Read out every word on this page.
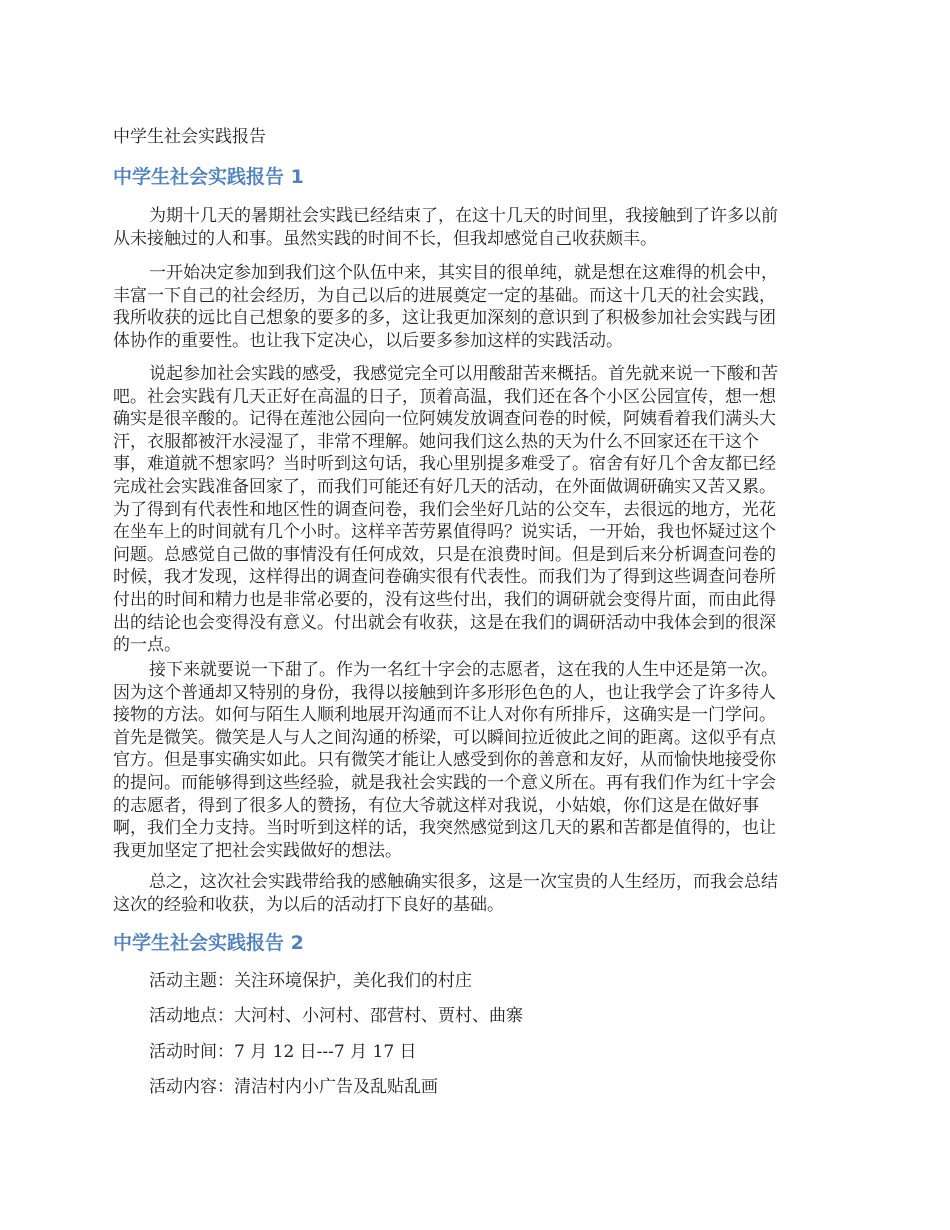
中学生社会实践报告
中学生社会实践报告 1
为期十几天的暑期社会实践已经结束了，在这十几天的时间里，我接触到了许多以前
从未接触过的人和事。虽然实践的时间不长，但我却感觉自己收获颇丰。
一开始决定参加到我们这个队伍中来，其实目的很单纯，就是想在这难得的机会中，
丰富一下自己的社会经历，为自己以后的进展奠定一定的基础。而这十几天的社会实践，
我所收获的远比自己想象的要多的多，这让我更加深刻的意识到了积极参加社会实践与团
体协作的重要性。也让我下定决心，以后要多参加这样的实践活动。
说起参加社会实践的感受，我感觉完全可以用酸甜苦来概括。首先就来说一下酸和苦
吧。社会实践有几天正好在高温的日子，顶着高温，我们还在各个小区公园宣传，想一想
确实是很辛酸的。记得在莲池公园向一位阿姨发放调查问卷的时候，阿姨看着我们满头大
汗，衣服都被汗水浸湿了，非常不理解。她问我们这么热的天为什么不回家还在干这个
事，难道就不想家吗？当时听到这句话，我心里别提多难受了。宿舍有好几个舍友都已经
完成社会实践准备回家了，而我们可能还有好几天的活动，在外面做调研确实又苦又累。
为了得到有代表性和地区性的调查问卷，我们会坐好几站的公交车，去很远的地方，光花
在坐车上的时间就有几个小时。这样辛苦劳累值得吗？说实话，一开始，我也怀疑过这个
问题。总感觉自己做的事情没有任何成效，只是在浪费时间。但是到后来分析调查问卷的
时候，我才发现，这样得出的调查问卷确实很有代表性。而我们为了得到这些调查问卷所
付出的时间和精力也是非常必要的，没有这些付出，我们的调研就会变得片面，而由此得
出的结论也会变得没有意义。付出就会有收获，这是在我们的调研活动中我体会到的很深
的一点。
接下来就要说一下甜了。作为一名红十字会的志愿者，这在我的人生中还是第一次。
因为这个普通却又特别的身份，我得以接触到许多形形色色的人，也让我学会了许多待人
接物的方法。如何与陌生人顺利地展开沟通而不让人对你有所排斥，这确实是一门学问。
首先是微笑。微笑是人与人之间沟通的桥梁，可以瞬间拉近彼此之间的距离。这似乎有点
官方。但是事实确实如此。只有微笑才能让人感受到你的善意和友好，从而愉快地接受你
的提问。而能够得到这些经验，就是我社会实践的一个意义所在。再有我们作为红十字会
的志愿者，得到了很多人的赞扬，有位大爷就这样对我说，小姑娘，你们这是在做好事
啊，我们全力支持。当时听到这样的话，我突然感觉到这几天的累和苦都是值得的，也让
我更加坚定了把社会实践做好的想法。
总之，这次社会实践带给我的感触确实很多，这是一次宝贵的人生经历，而我会总结
这次的经验和收获，为以后的活动打下良好的基础。
中学生社会实践报告 2
活动主题：关注环境保护，美化我们的村庄
活动地点：大河村、小河村、邵营村、贾村、曲寨
活动时间：7 月 12 日---7 月 17 日
活动内容：清洁村内小广告及乱贴乱画
